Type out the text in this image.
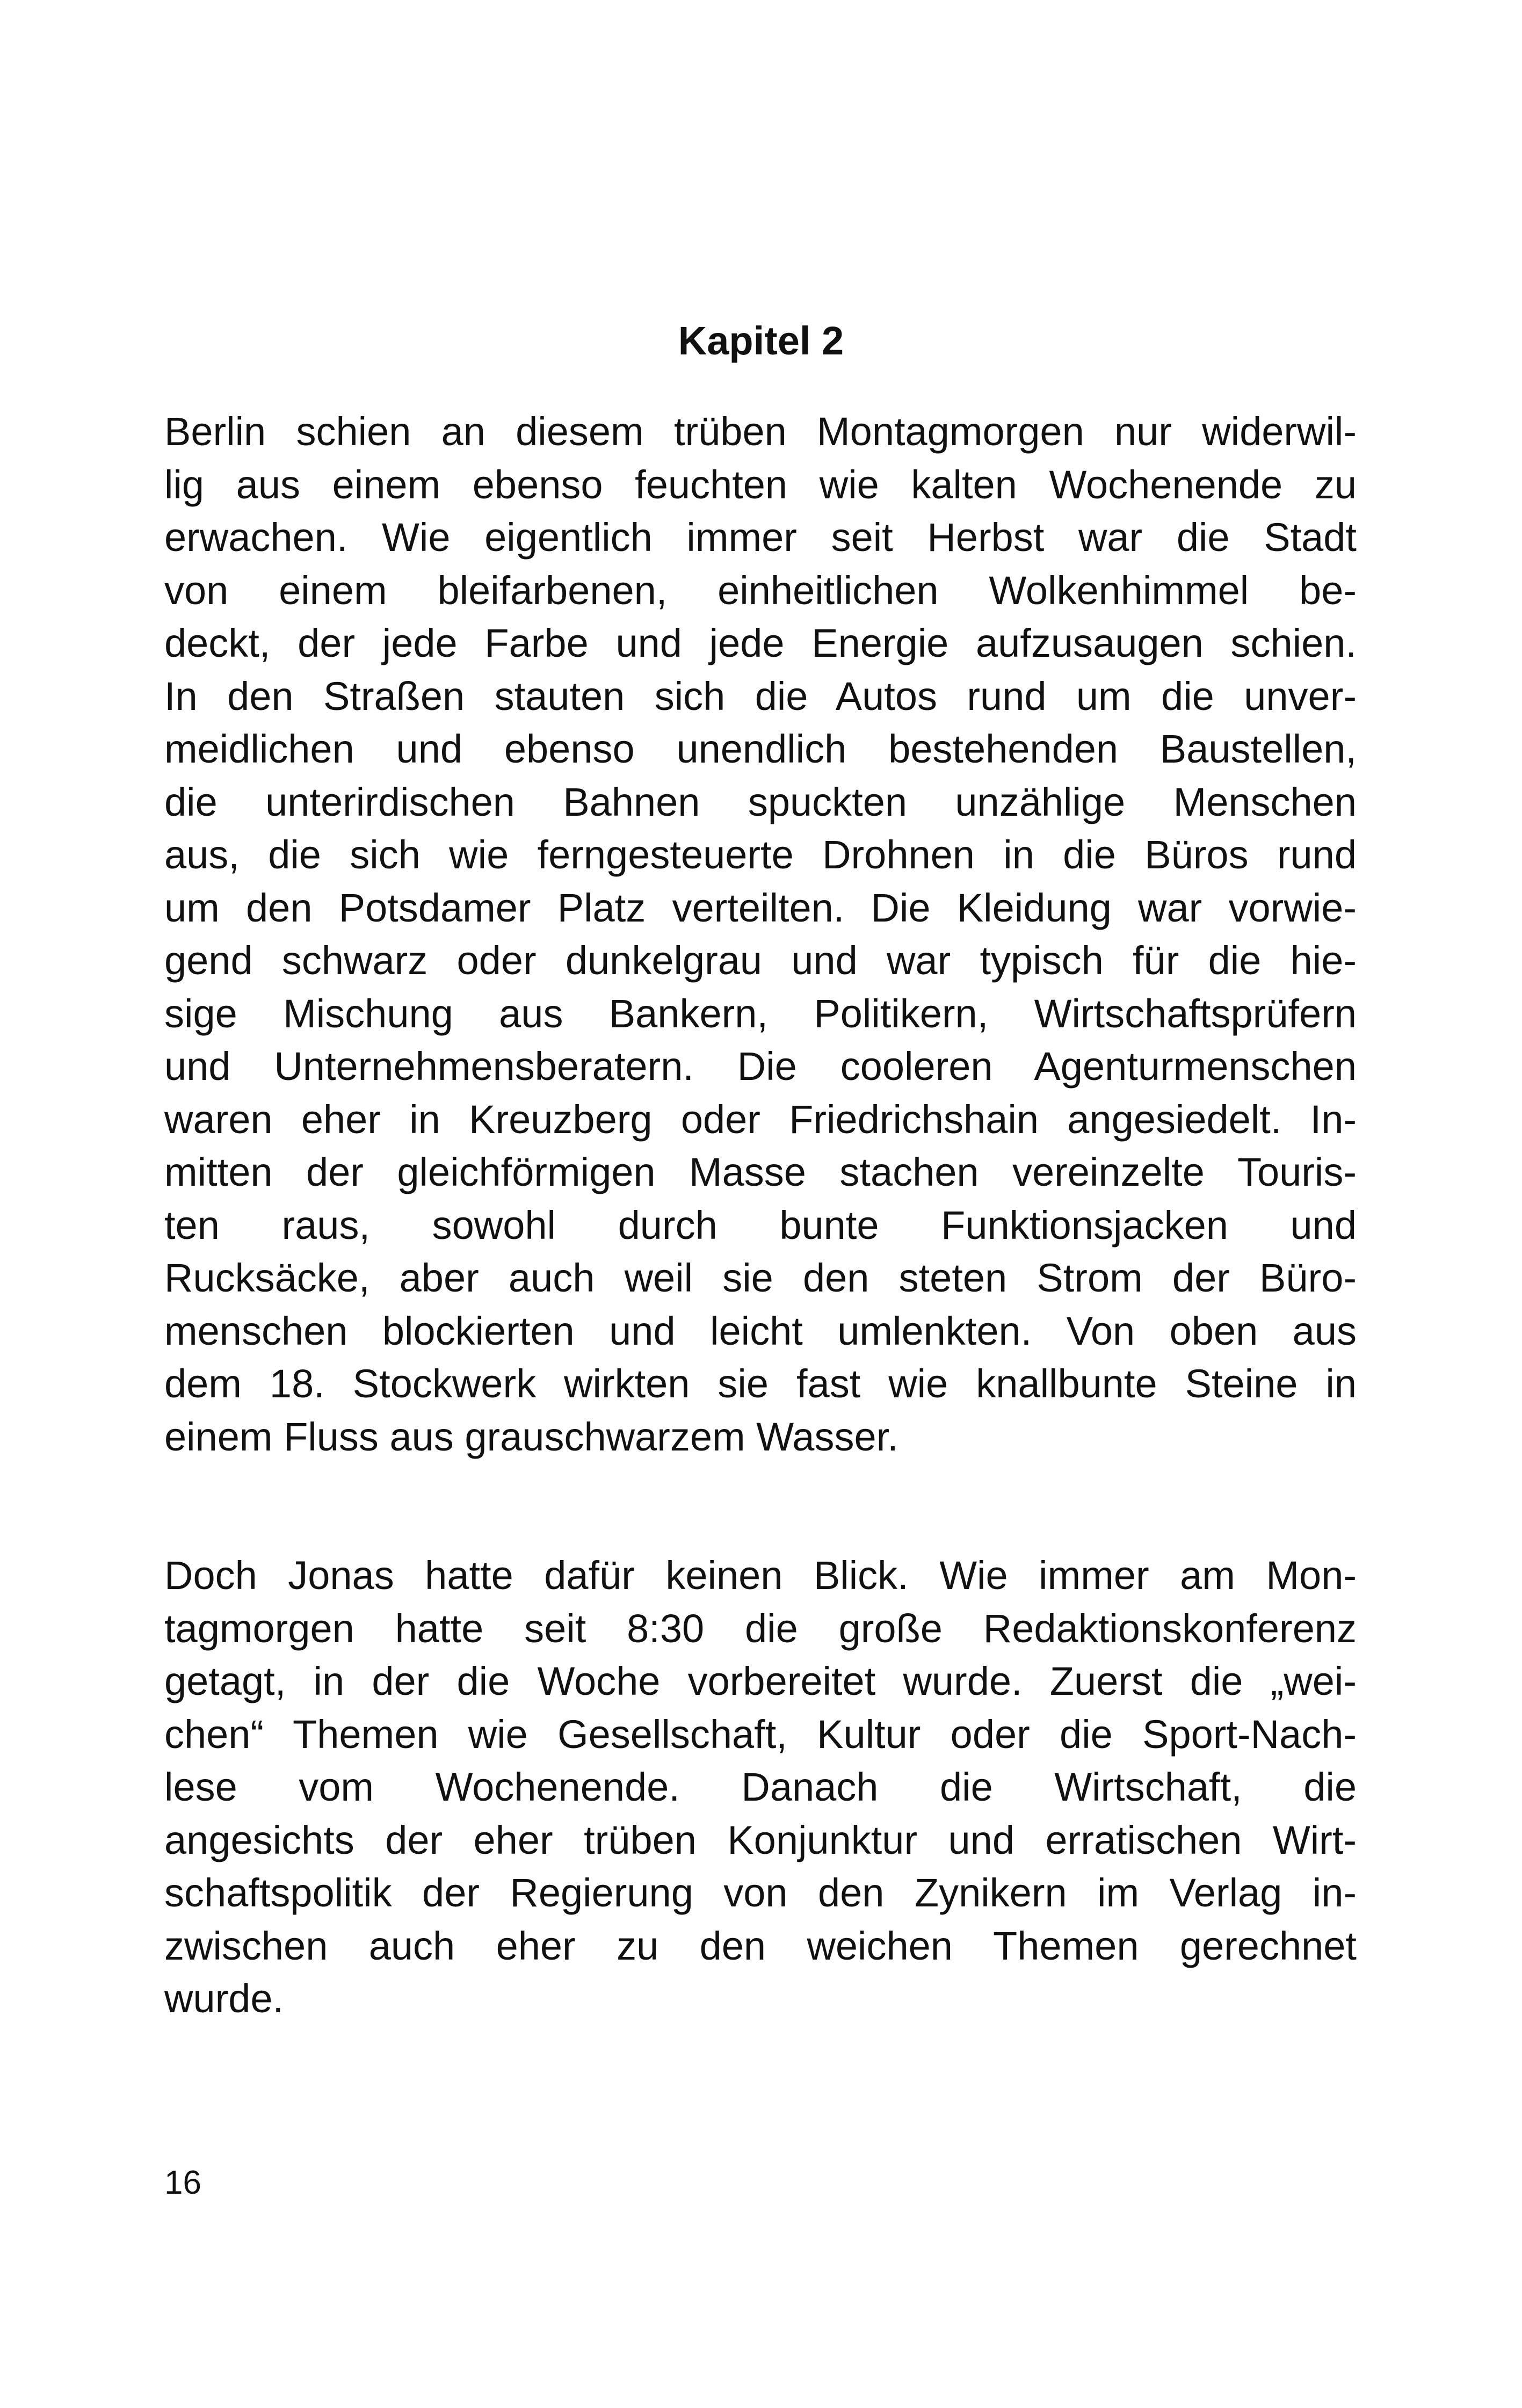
Kapitel 2
Berlin schien an diesem trüben Montagmorgen nur widerwil-
lig aus einem ebenso feuchten wie kalten Wochenende zu
erwachen. Wie eigentlich immer seit Herbst war die Stadt
von einem bleifarbenen, einheitlichen Wolkenhimmel be-
deckt, der jede Farbe und jede Energie aufzusaugen schien.
In den Straßen stauten sich die Autos rund um die unver-
meidlichen und ebenso unendlich bestehenden Baustellen,
die unterirdischen Bahnen spuckten unzählige Menschen
aus, die sich wie ferngesteuerte Drohnen in die Büros rund
um den Potsdamer Platz verteilten. Die Kleidung war vorwie-
gend schwarz oder dunkelgrau und war typisch für die hie-
sige Mischung aus Bankern, Politikern, Wirtschaftsprüfern
und Unternehmensberatern. Die cooleren Agenturmenschen
waren eher in Kreuzberg oder Friedrichshain angesiedelt. In-
mitten der gleichförmigen Masse stachen vereinzelte Touris-
ten raus, sowohl durch bunte Funktionsjacken und
Rucksäcke, aber auch weil sie den steten Strom der Büro-
menschen blockierten und leicht umlenkten. Von oben aus
dem 18. Stockwerk wirkten sie fast wie knallbunte Steine in
einem Fluss aus grauschwarzem Wasser.
Doch Jonas hatte dafür keinen Blick. Wie immer am Mon-
tagmorgen hatte seit 8:30 die große Redaktionskonferenz
getagt, in der die Woche vorbereitet wurde. Zuerst die „wei-
chen“ Themen wie Gesellschaft, Kultur oder die Sport-Nach-
lese vom Wochenende. Danach die Wirtschaft, die
angesichts der eher trüben Konjunktur und erratischen Wirt-
schaftspolitik der Regierung von den Zynikern im Verlag in-
zwischen auch eher zu den weichen Themen gerechnet
wurde.
16
